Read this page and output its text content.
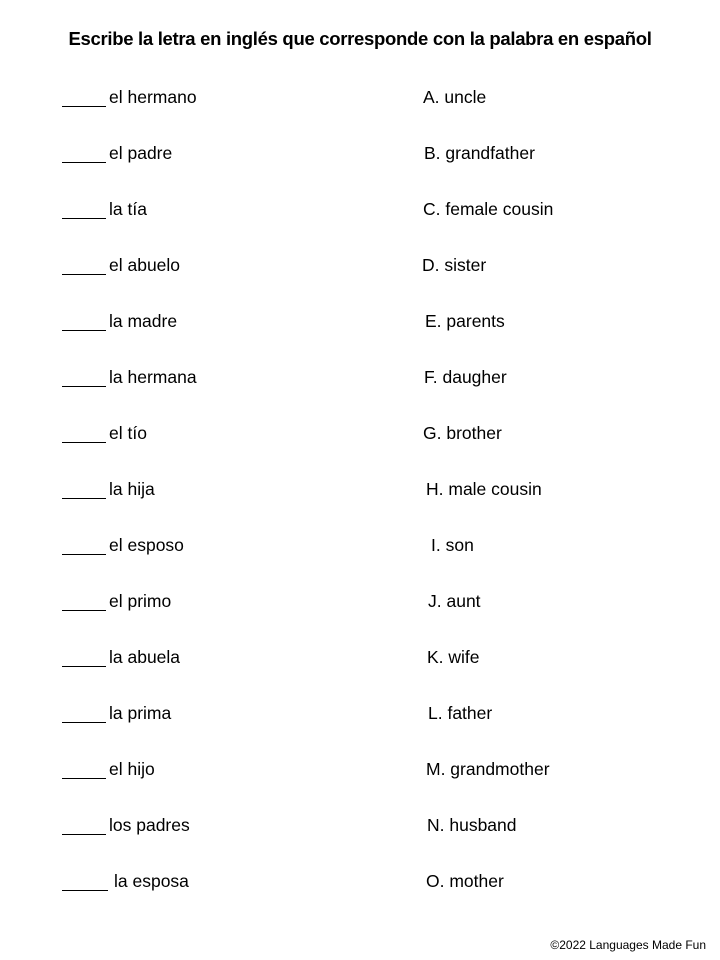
Escribe la letra en inglés que corresponde con la palabra en español
el hermano	A. uncle
el padre	B. grandfather
la tía	C. female cousin
el abuelo	D. sister
la madre	E. parents
la hermana	F. daugher
el tío	G. brother
la hija	H. male cousin
el esposo	I. son
el primo	J. aunt
la abuela	K. wife
la prima	L. father
el hijo	M. grandmother
los padres	N. husband
la esposa	O. mother
©2022 Languages Made Fun
